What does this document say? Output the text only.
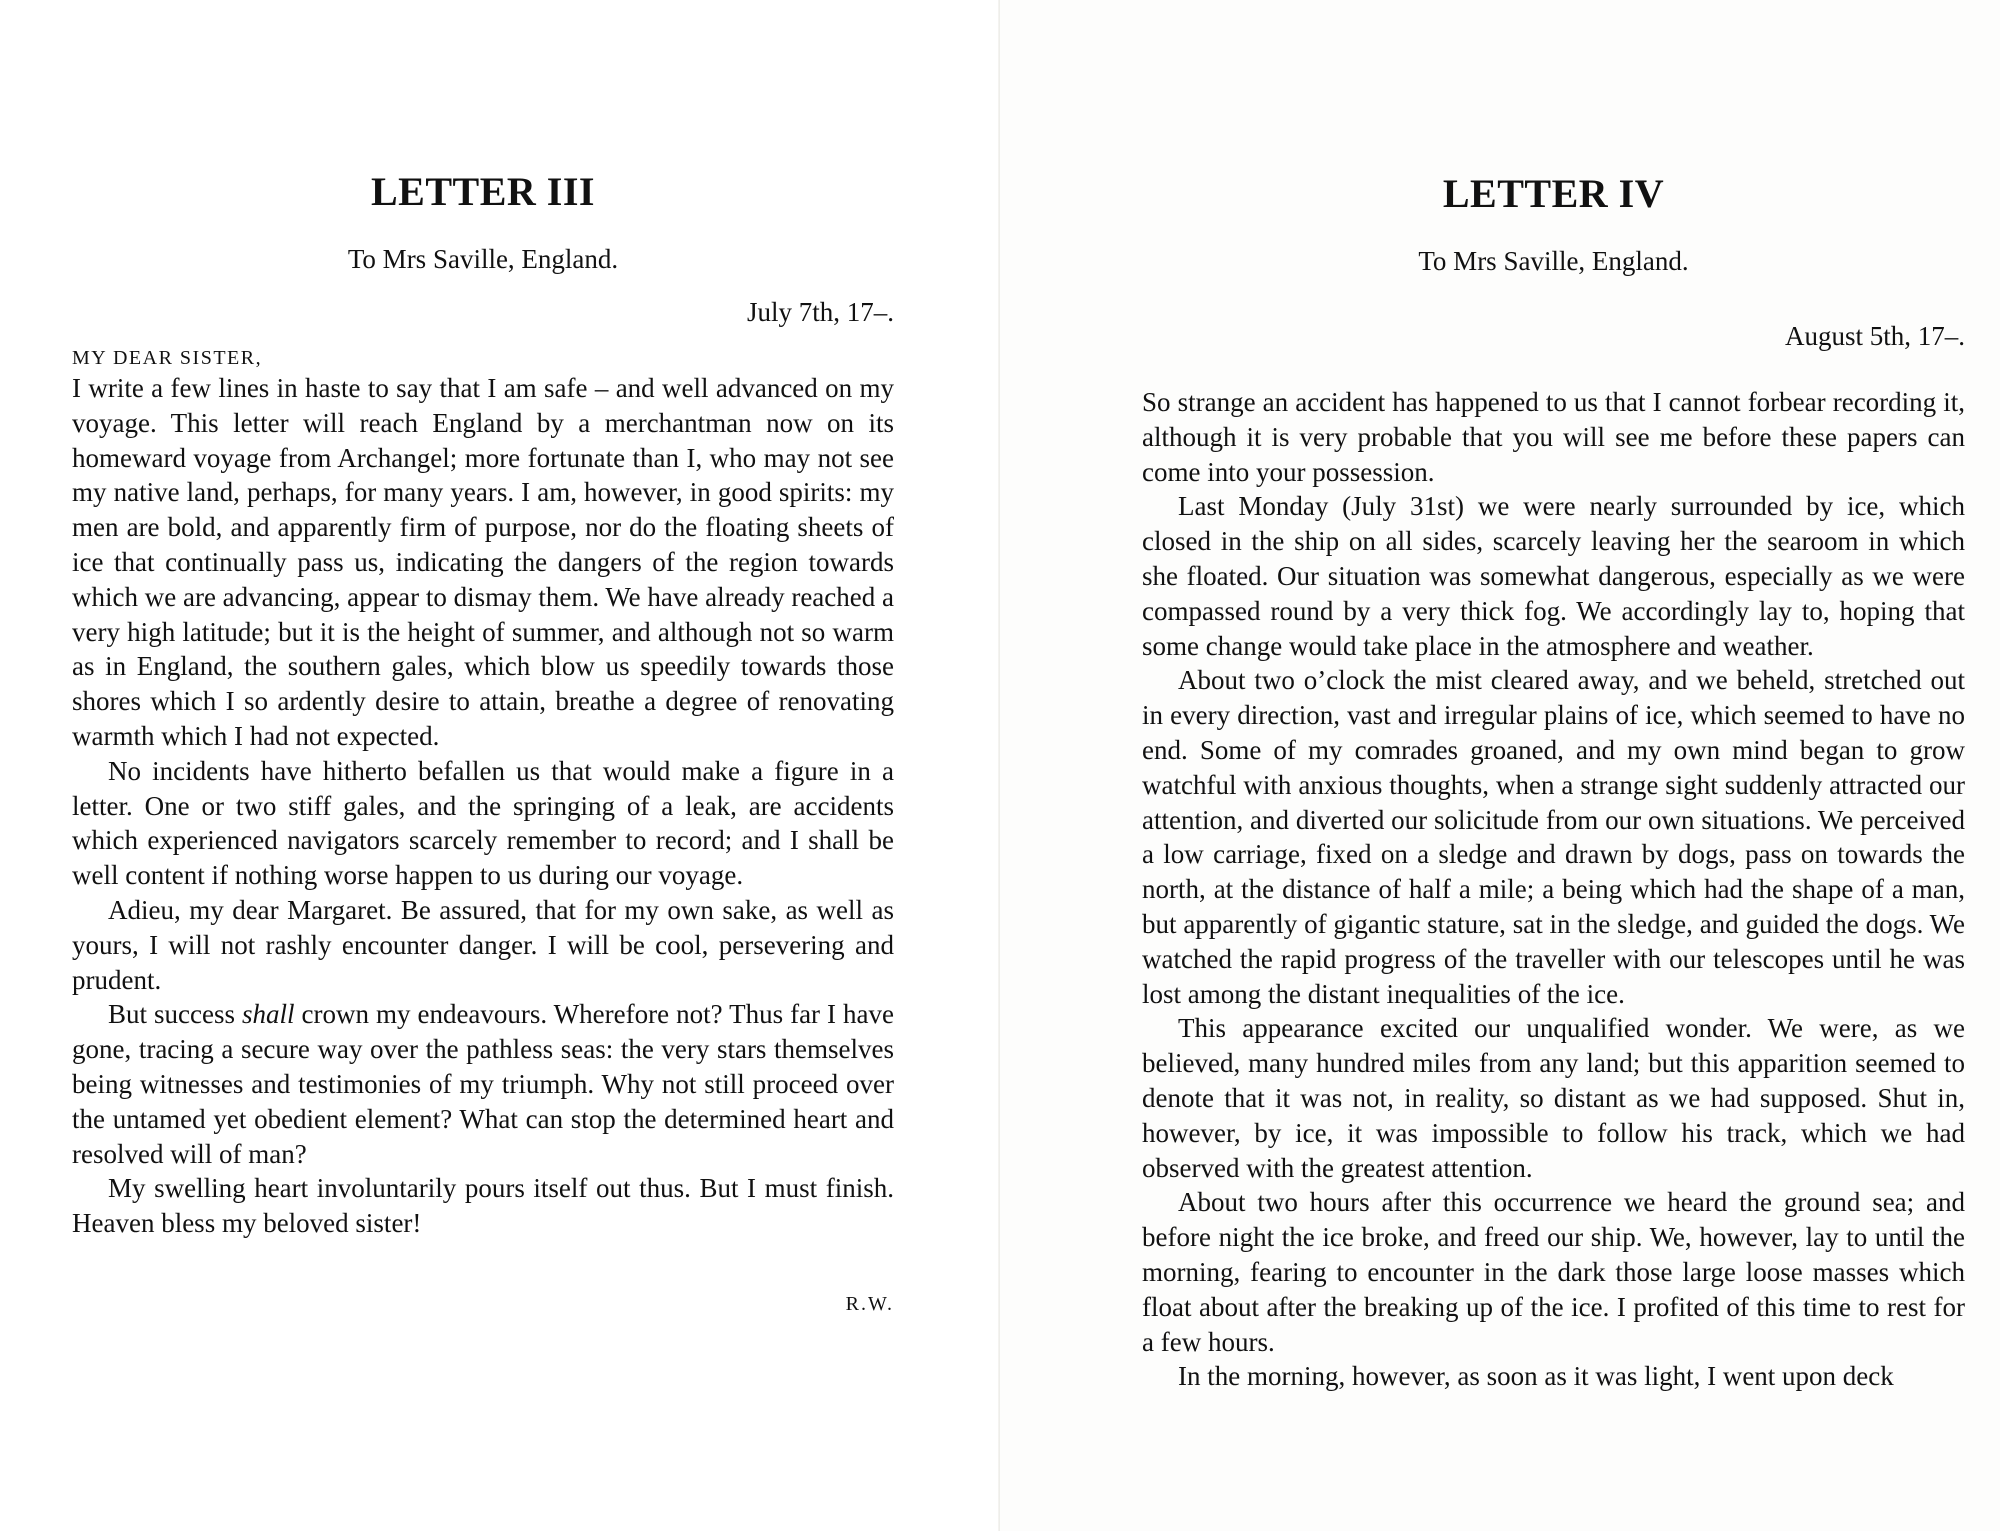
LETTER III
To Mrs Saville, England.
July 7th, 17–.
MY DEAR SISTER,

I write a few lines in haste to say that I am safe – and well advanced on my voyage. This letter will reach England by a merchantman now on its homeward voyage from Archangel; more fortunate than I, who may not see my native land, perhaps, for many years. I am, however, in good spirits: my men are bold, and apparently firm of purpose, nor do the floating sheets of ice that continually pass us, indicating the dangers of the region towards which we are advancing, appear to dismay them. We have already reached a very high latitude; but it is the height of summer, and although not so warm as in England, the southern gales, which blow us speedily towards those shores which I so ardently desire to attain, breathe a degree of renovating warmth which I had not expected.

No incidents have hitherto befallen us that would make a figure in a letter. One or two stiff gales, and the springing of a leak, are accidents which experienced navigators scarcely remember to record; and I shall be well content if nothing worse happen to us during our voyage.

Adieu, my dear Margaret. Be assured, that for my own sake, as well as yours, I will not rashly encounter danger. I will be cool, persevering and prudent.

But success shall crown my endeavours. Wherefore not? Thus far I have gone, tracing a secure way over the pathless seas: the very stars themselves being witnesses and testimonies of my triumph. Why not still proceed over the untamed yet obedient element? What can stop the determined heart and resolved will of man?

My swelling heart involuntarily pours itself out thus. But I must finish. Heaven bless my beloved sister!

R.W.
LETTER IV
To Mrs Saville, England.
August 5th, 17–.

So strange an accident has happened to us that I cannot forbear recording it, although it is very probable that you will see me before these papers can come into your possession.

Last Monday (July 31st) we were nearly surrounded by ice, which closed in the ship on all sides, scarcely leaving her the searoom in which she floated. Our situation was somewhat dangerous, especially as we were compassed round by a very thick fog. We accordingly lay to, hoping that some change would take place in the atmosphere and weather.

About two o’clock the mist cleared away, and we beheld, stretched out in every direction, vast and irregular plains of ice, which seemed to have no end. Some of my comrades groaned, and my own mind began to grow watchful with anxious thoughts, when a strange sight suddenly attracted our attention, and diverted our solicitude from our own situations. We perceived a low carriage, fixed on a sledge and drawn by dogs, pass on towards the north, at the distance of half a mile; a being which had the shape of a man, but apparently of gigantic stature, sat in the sledge, and guided the dogs. We watched the rapid progress of the traveller with our telescopes until he was lost among the distant inequalities of the ice.

This appearance excited our unqualified wonder. We were, as we believed, many hundred miles from any land; but this apparition seemed to denote that it was not, in reality, so distant as we had supposed. Shut in, however, by ice, it was impossible to follow his track, which we had observed with the greatest attention.

About two hours after this occurrence we heard the ground sea; and before night the ice broke, and freed our ship. We, however, lay to until the morning, fearing to encounter in the dark those large loose masses which float about after the breaking up of the ice. I profited of this time to rest for a few hours.

In the morning, however, as soon as it was light, I went upon deck
